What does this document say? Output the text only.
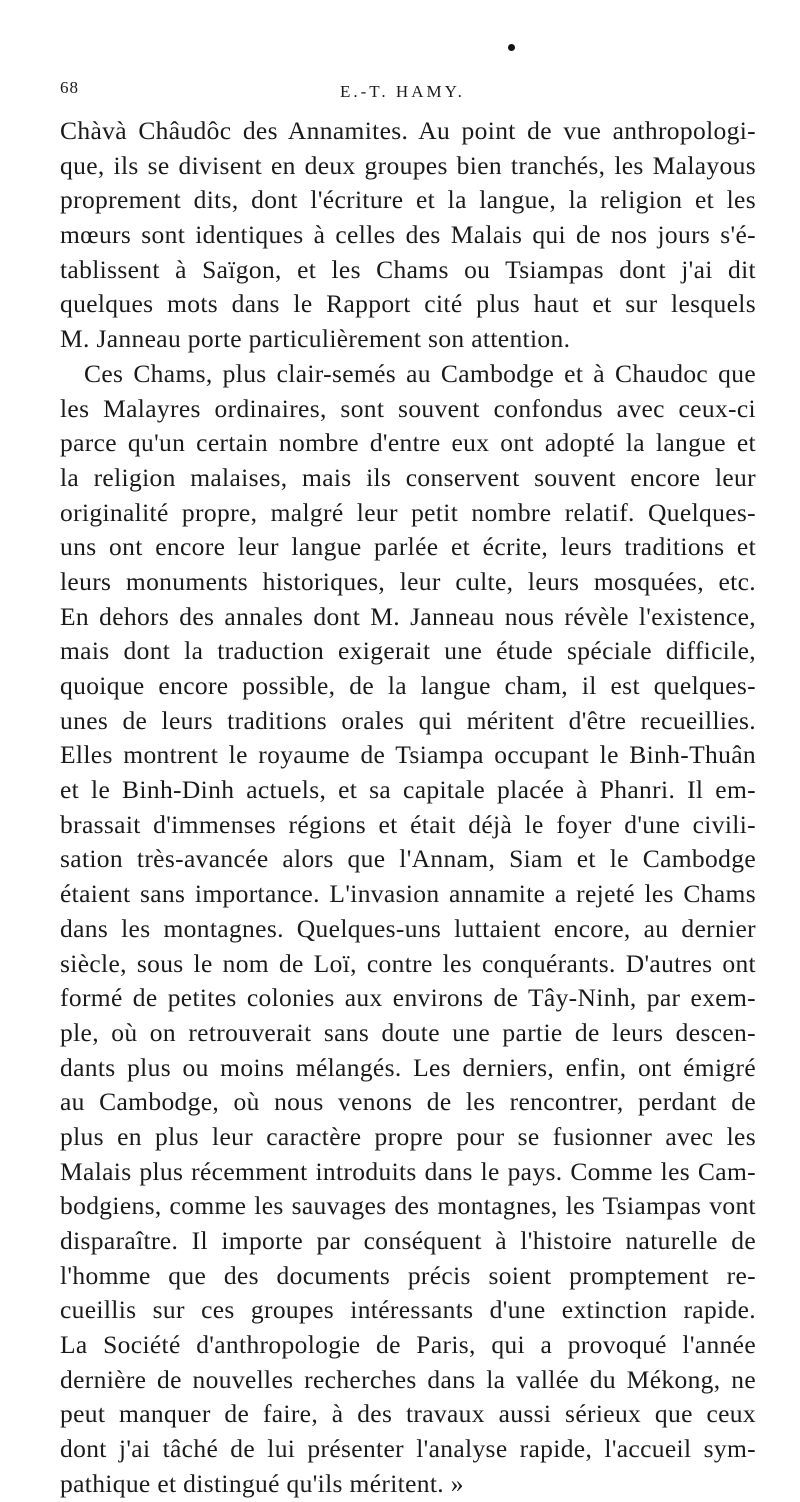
68	E.-T. HAMY.
Chàvà Châudôc des Annamites. Au point de vue anthropologi-
que, ils se divisent en deux groupes bien tranchés, les Malayous
proprement dits, dont l'écriture et la langue, la religion et les
mœurs sont identiques à celles des Malais qui de nos jours s'é-
tablissent à Saïgon, et les Chams ou Tsiampas dont j'ai dit
quelques mots dans le Rapport cité plus haut et sur lesquels
M. Janneau porte particulièrement son attention.
Ces Chams, plus clair-semés au Cambodge et à Chaudoc que
les Malayres ordinaires, sont souvent confondus avec ceux-ci
parce qu'un certain nombre d'entre eux ont adopté la langue et
la religion malaises, mais ils conservent souvent encore leur
originalité propre, malgré leur petit nombre relatif. Quelques-
uns ont encore leur langue parlée et écrite, leurs traditions et
leurs monuments historiques, leur culte, leurs mosquées, etc.
En dehors des annales dont M. Janneau nous révèle l'existence,
mais dont la traduction exigerait une étude spéciale difficile,
quoique encore possible, de la langue cham, il est quelques-
unes de leurs traditions orales qui méritent d'être recueillies.
Elles montrent le royaume de Tsiampa occupant le Binh-Thuân
et le Binh-Dinh actuels, et sa capitale placée à Phanri. Il em-
brassait d'immenses régions et était déjà le foyer d'une civili-
sation très-avancée alors que l'Annam, Siam et le Cambodge
étaient sans importance. L'invasion annamite a rejeté les Chams
dans les montagnes. Quelques-uns luttaient encore, au dernier
siècle, sous le nom de Loï, contre les conquérants. D'autres ont
formé de petites colonies aux environs de Tây-Ninh, par exem-
ple, où on retrouverait sans doute une partie de leurs descen-
dants plus ou moins mélangés. Les derniers, enfin, ont émigré
au Cambodge, où nous venons de les rencontrer, perdant de
plus en plus leur caractère propre pour se fusionner avec les
Malais plus récemment introduits dans le pays. Comme les Cam-
bodgiens, comme les sauvages des montagnes, les Tsiampas vont
disparaître. Il importe par conséquent à l'histoire naturelle de
l'homme que des documents précis soient promptement re-
cueillis sur ces groupes intéressants d'une extinction rapide.
La Société d'anthropologie de Paris, qui a provoqué l'année
dernière de nouvelles recherches dans la vallée du Mékong, ne
peut manquer de faire, à des travaux aussi sérieux que ceux
dont j'ai tâché de lui présenter l'analyse rapide, l'accueil sym-
pathique et distingué qu'ils méritent. »
